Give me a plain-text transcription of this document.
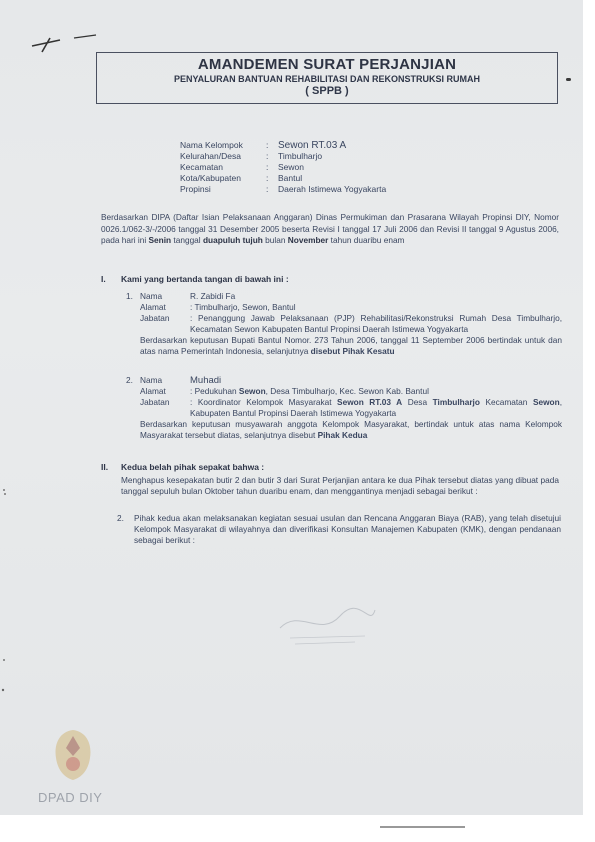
AMANDEMEN SURAT PERJANJIAN
PENYALURAN BANTUAN REHABILITASI DAN REKONSTRUKSI RUMAH
( SPPB )
Nama Kelompok	: Sewon RT.03 A
Kelurahan/Desa	:	Timbulharjo
Kecamatan	:	Sewon
Kota/Kabupaten	:	Bantul
Propinsi	:	Daerah Istimewa Yogyakarta
Berdasarkan DIPA (Daftar Isian Pelaksanaan Anggaran) Dinas Permukiman dan Prasarana Wilayah Propinsi DIY, Nomor 0026.1/062-3/-/2006 tanggal 31 Desember 2005 beserta Revisi I tanggal 17 Juli 2006 dan Revisi II tanggal 9 Agustus 2006, pada hari ini Senin tanggal duapuluh tujuh bulan November tahun duaribu enam
I. Kami yang bertanda tangan di bawah ini :
1. Nama	R. Zabidi Fa
Alamat	: Timbulharjo, Sewon, Bantul
Jabatan	: Penanggung Jawab Pelaksanaan (PJP) Rehabilitasi/Rekonstruksi Rumah Desa Timbulharjo, Kecamatan Sewon Kabupaten Bantul Propinsi Daerah Istimewa Yogyakarta
Berdasarkan keputusan Bupati Bantul Nomor. 273 Tahun 2006, tanggal 11 September 2006 bertindak untuk dan atas nama Pemerintah Indonesia, selanjutnya disebut Pihak Kesatu
2. Nama	Muhadi
Alamat	: Pedukuhan Sewon, Desa Timbulharjo, Kec. Sewon Kab. Bantul
Jabatan	: Koordinator Kelompok Masyarakat Sewon RT.03 A Desa Timbulharjo Kecamatan Sewon, Kabupaten Bantul Propinsi Daerah Istimewa Yogyakarta
Berdasarkan keputusan musyawarah anggota Kelompok Masyarakat, bertindak untuk atas nama Kelompok Masyarakat tersebut diatas, selanjutnya disebut Pihak Kedua
II. Kedua belah pihak sepakat bahwa :
Menghapus kesepakatan butir 2 dan butir 3 dari Surat Perjanjian antara ke dua Pihak tersebut diatas yang dibuat pada tanggal sepuluh bulan Oktober tahun duaribu enam, dan menggantinya menjadi sebagai berikut :
2.	Pihak kedua akan melaksanakan kegiatan sesuai usulan dan Rencana Anggaran Biaya (RAB), yang telah disetujui Kelompok Masyarakat di wilayahnya dan diverifikasi Konsultan Manajemen Kabupaten (KMK), dengan pendanaan sebagai berikut :
DPAD DIY
